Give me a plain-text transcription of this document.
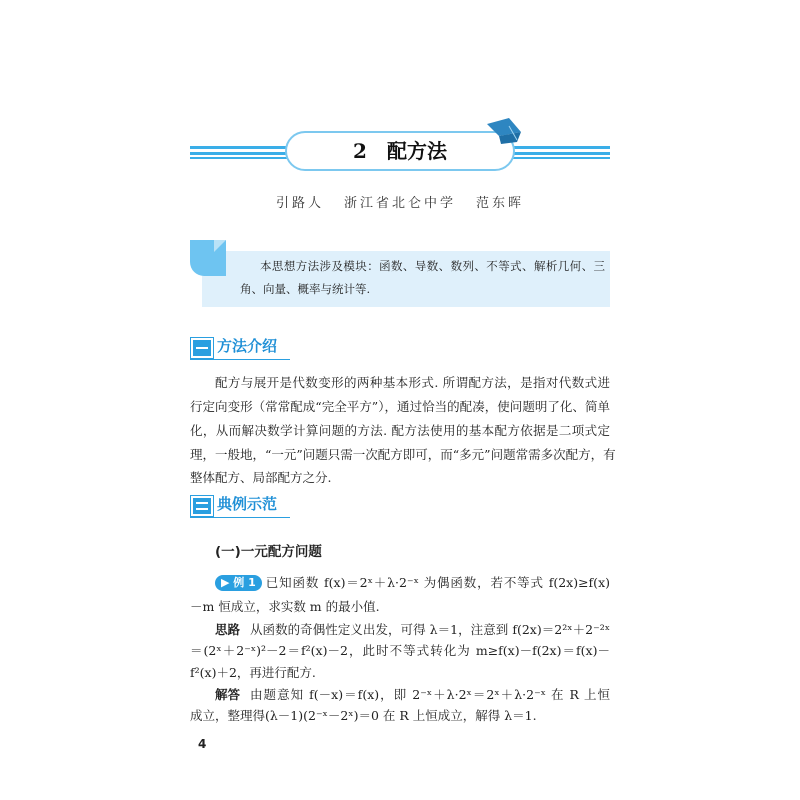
2 配方法
引路人 浙江省北仑中学 范东晖
本思想方法涉及模块：函数、导数、数列、不等式、解析几何、三
角、向量、概率与统计等.
方法介绍
配方与展开是代数变形的两种基本形式. 所谓配方法，是指对代数式进
行定向变形（常常配成“完全平方”），通过恰当的配凑，使问题明了化、简单
化，从而解决数学计算问题的方法. 配方法使用的基本配方依据是二项式定
理，一般地，“一元”问题只需一次配方即可，而“多元”问题常需多次配方，有
整体配方、局部配方之分.
典例示范
(一)一元配方问题
▶ 例 1 已知函数 f(x)＝2ˣ＋λ·2⁻ˣ 为偶函数，若不等式 f(2x)≥f(x)
－m 恒成立，求实数 m 的最小值.
思路 从函数的奇偶性定义出发，可得 λ＝1，注意到 f(2x)＝2²ˣ＋2⁻²ˣ
＝(2ˣ＋2⁻ˣ)²－2＝f²(x)－2，此时不等式转化为 m≥f(x)－f(2x)＝f(x)－
f²(x)＋2，再进行配方.
解答 由题意知 f(－x)＝f(x)，即 2⁻ˣ＋λ·2ˣ＝2ˣ＋λ·2⁻ˣ 在 R 上恒
成立，整理得(λ－1)(2⁻ˣ－2ˣ)＝0 在 R 上恒成立，解得 λ＝1.
4
